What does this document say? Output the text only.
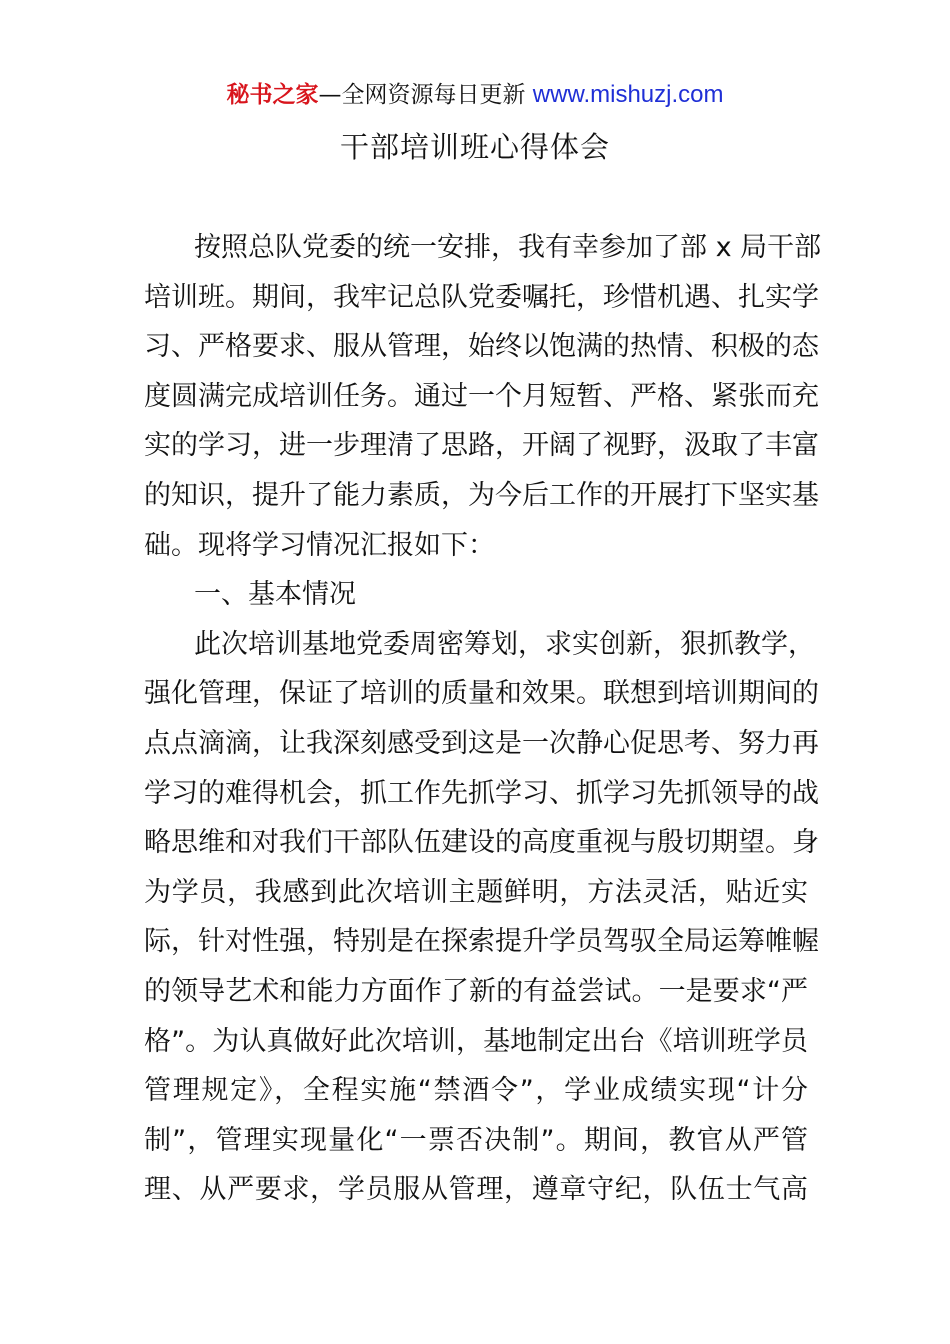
秘书之家—全网资源每日更新 www.mishuzj.com
干部培训班心得体会
按照总队党委的统一安排，我有幸参加了部 x 局干部
培训班。期间，我牢记总队党委嘱托，珍惜机遇、扎实学
习、严格要求、服从管理，始终以饱满的热情、积极的态
度圆满完成培训任务。通过一个月短暂、严格、紧张而充
实的学习，进一步理清了思路，开阔了视野，汲取了丰富
的知识，提升了能力素质，为今后工作的开展打下坚实基
础。现将学习情况汇报如下：
一、基本情况
此次培训基地党委周密筹划，求实创新，狠抓教学，
强化管理，保证了培训的质量和效果。联想到培训期间的
点点滴滴，让我深刻感受到这是一次静心促思考、努力再
学习的难得机会，抓工作先抓学习、抓学习先抓领导的战
略思维和对我们干部队伍建设的高度重视与殷切期望。身
为学员，我感到此次培训主题鲜明，方法灵活，贴近实
际，针对性强，特别是在探索提升学员驾驭全局运筹帷幄
的领导艺术和能力方面作了新的有益尝试。一是要求“严
格”。为认真做好此次培训，基地制定出台《培训班学员
管理规定》，全程实施“禁酒令”，学业成绩实现“计分
制”，管理实现量化“一票否决制”。期间，教官从严管
理、从严要求，学员服从管理，遵章守纪，队伍士气高
